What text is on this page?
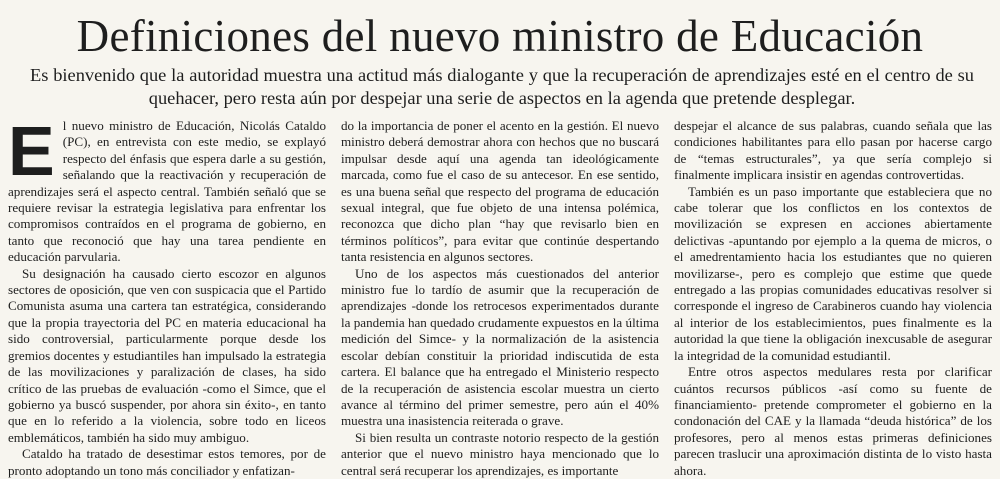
Definiciones del nuevo ministro de Educación

Es bienvenido que la autoridad muestra una actitud más dialogante y que la recuperación de aprendizajes esté en el centro de su quehacer, pero resta aún por despejar una serie de aspectos en la agenda que pretende desplegar.

El nuevo ministro de Educación, Nicolás Cataldo (PC), en entrevista con este medio, se explayó respecto del énfasis que espera darle a su gestión, señalando que la reactivación y recuperación de aprendizajes será el aspecto central. También señaló que se requiere revisar la estrategia legislativa para enfrentar los compromisos contraídos en el programa de gobierno, en tanto que reconoció que hay una tarea pendiente en educación parvularia.

Su designación ha causado cierto escozor en algunos sectores de oposición, que ven con suspicacia que el Partido Comunista asuma una cartera tan estratégica, considerando que la propia trayectoria del PC en materia educacional ha sido controversial, particularmente porque desde los gremios docentes y estudiantiles han impulsado la estrategia de las movilizaciones y paralización de clases, ha sido crítico de las pruebas de evaluación -como el Simce, que el gobierno ya buscó suspender, por ahora sin éxito-, en tanto que en lo referido a la violencia, sobre todo en liceos emblemáticos, también ha sido muy ambiguo.

Cataldo ha tratado de desestimar estos temores, por de pronto adoptando un tono más conciliador y enfatizan-

do la importancia de poner el acento en la gestión. El nuevo ministro deberá demostrar ahora con hechos que no buscará impulsar desde aquí una agenda tan ideológicamente marcada, como fue el caso de su antecesor. En ese sentido, es una buena señal que respecto del programa de educación sexual integral, que fue objeto de una intensa polémica, reconozca que dicho plan “hay que revisarlo bien en términos políticos”, para evitar que continúe despertando tanta resistencia en algunos sectores.

Uno de los aspectos más cuestionados del anterior ministro fue lo tardío de asumir que la recuperación de aprendizajes -donde los retrocesos experimentados durante la pandemia han quedado crudamente expuestos en la última medición del Simce- y la normalización de la asistencia escolar debían constituir la prioridad indiscutida de esta cartera. El balance que ha entregado el Ministerio respecto de la recuperación de asistencia escolar muestra un cierto avance al término del primer semestre, pero aún el 40% muestra una inasistencia reiterada o grave.

Si bien resulta un contraste notorio respecto de la gestión anterior que el nuevo ministro haya mencionado que lo central será recuperar los aprendizajes, es importante

despejar el alcance de sus palabras, cuando señala que las condiciones habilitantes para ello pasan por hacerse cargo de “temas estructurales”, ya que sería complejo si finalmente implicara insistir en agendas controvertidas.

También es un paso importante que estableciera que no cabe tolerar que los conflictos en los contextos de movilización se expresen en acciones abiertamente delictivas -apuntando por ejemplo a la quema de micros, o el amedrentamiento hacia los estudiantes que no quieren movilizarse-, pero es complejo que estime que quede entregado a las propias comunidades educativas resolver si corresponde el ingreso de Carabineros cuando hay violencia al interior de los establecimientos, pues finalmente es la autoridad la que tiene la obligación inexcusable de asegurar la integridad de la comunidad estudiantil.

Entre otros aspectos medulares resta por clarificar cuántos recursos públicos -así como su fuente de financiamiento- pretende comprometer el gobierno en la condonación del CAE y la llamada “deuda histórica” de los profesores, pero al menos estas primeras definiciones parecen traslucir una aproximación distinta de lo visto hasta ahora.
